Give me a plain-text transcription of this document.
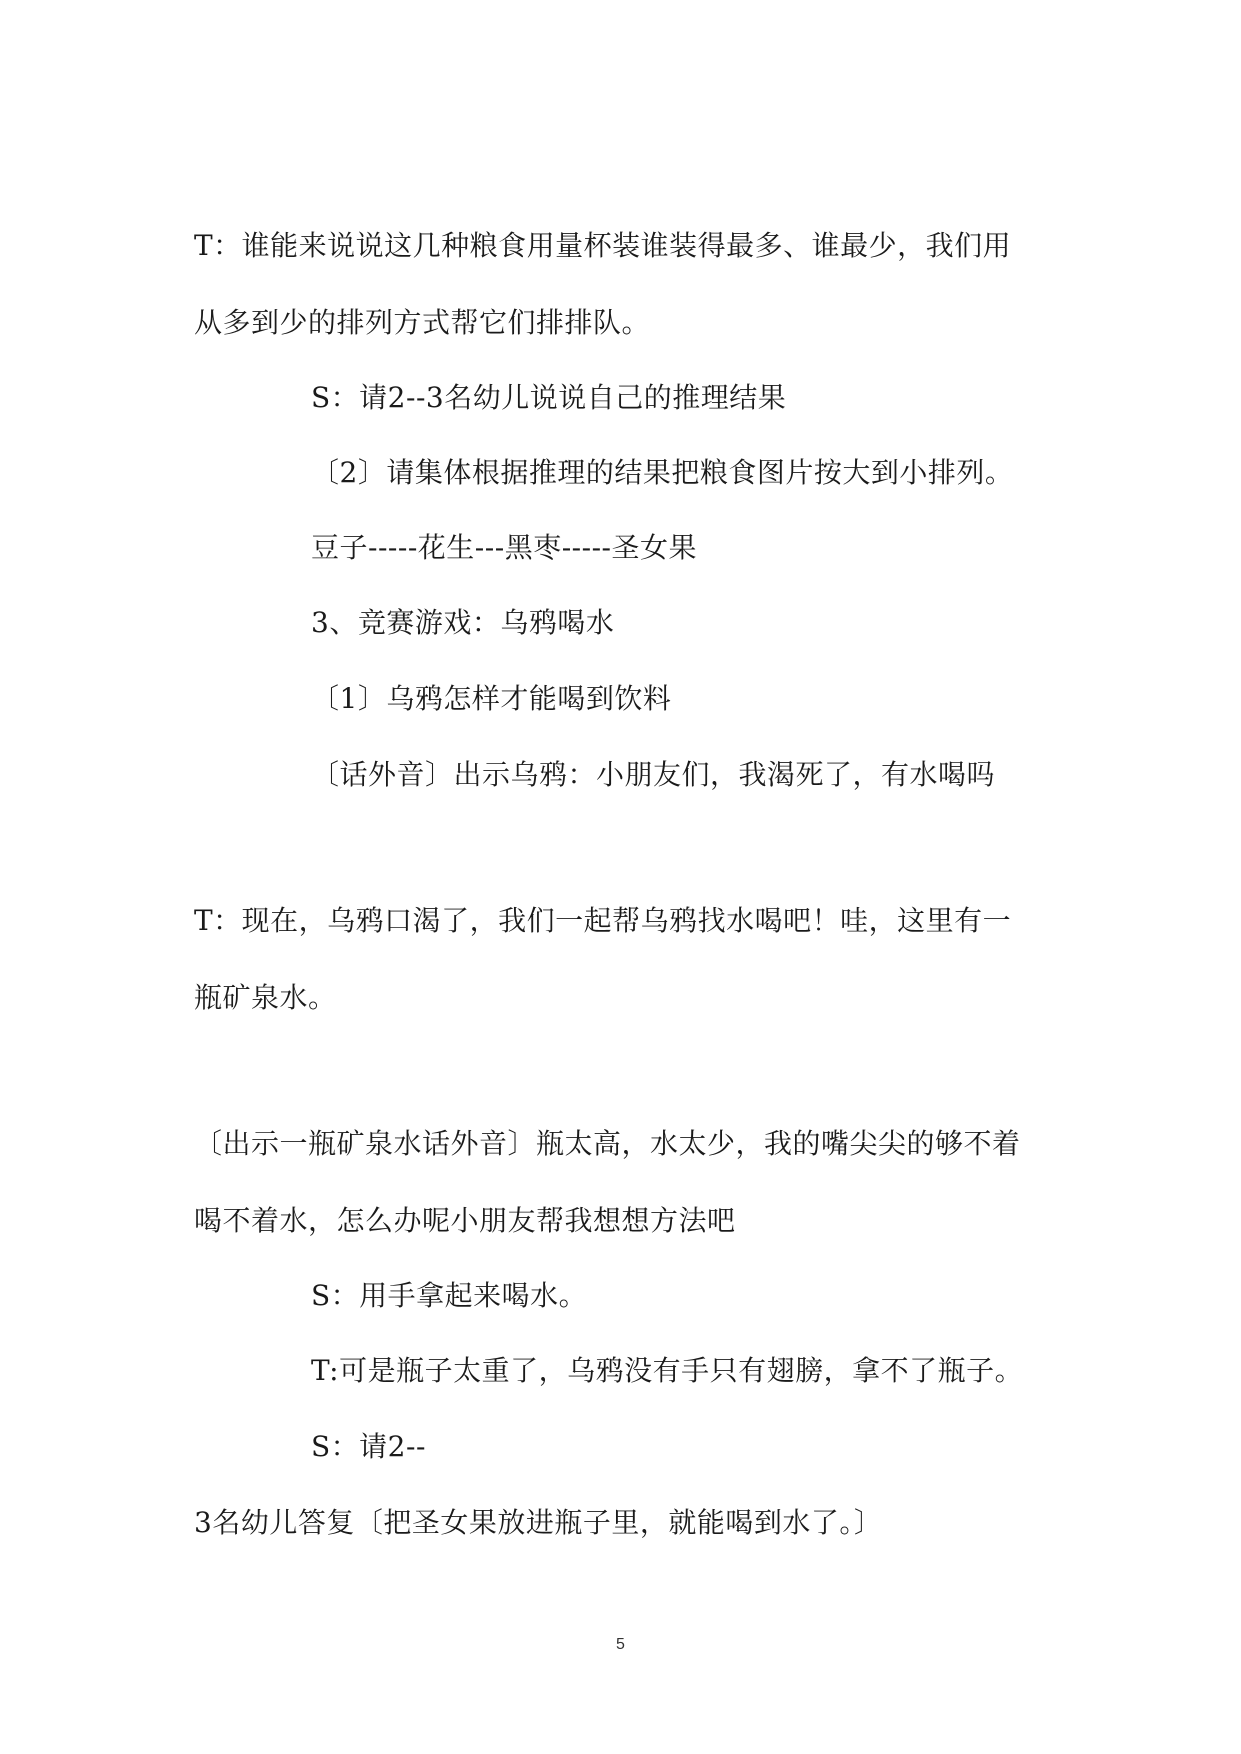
T：谁能来说说这几种粮食用量杯装谁装得最多、谁最少，我们用
从多到少的排列方式帮它们排排队。
S：请2--3名幼儿说说自己的推理结果
〔2〕请集体根据推理的结果把粮食图片按大到小排列。
豆子-----花生---黑枣-----圣女果
3、竞赛游戏：乌鸦喝水
〔1〕乌鸦怎样才能喝到饮料
〔话外音〕出示乌鸦：小朋友们，我渴死了，有水喝吗
T：现在，乌鸦口渴了，我们一起帮乌鸦找水喝吧！哇，这里有一
瓶矿泉水。
〔出示一瓶矿泉水话外音〕瓶太高，水太少，我的嘴尖尖的够不着
喝不着水，怎么办呢小朋友帮我想想方法吧
S：用手拿起来喝水。
T:可是瓶子太重了，乌鸦没有手只有翅膀，拿不了瓶子。
S：请2--
3名幼儿答复〔把圣女果放进瓶子里，就能喝到水了。〕
5
